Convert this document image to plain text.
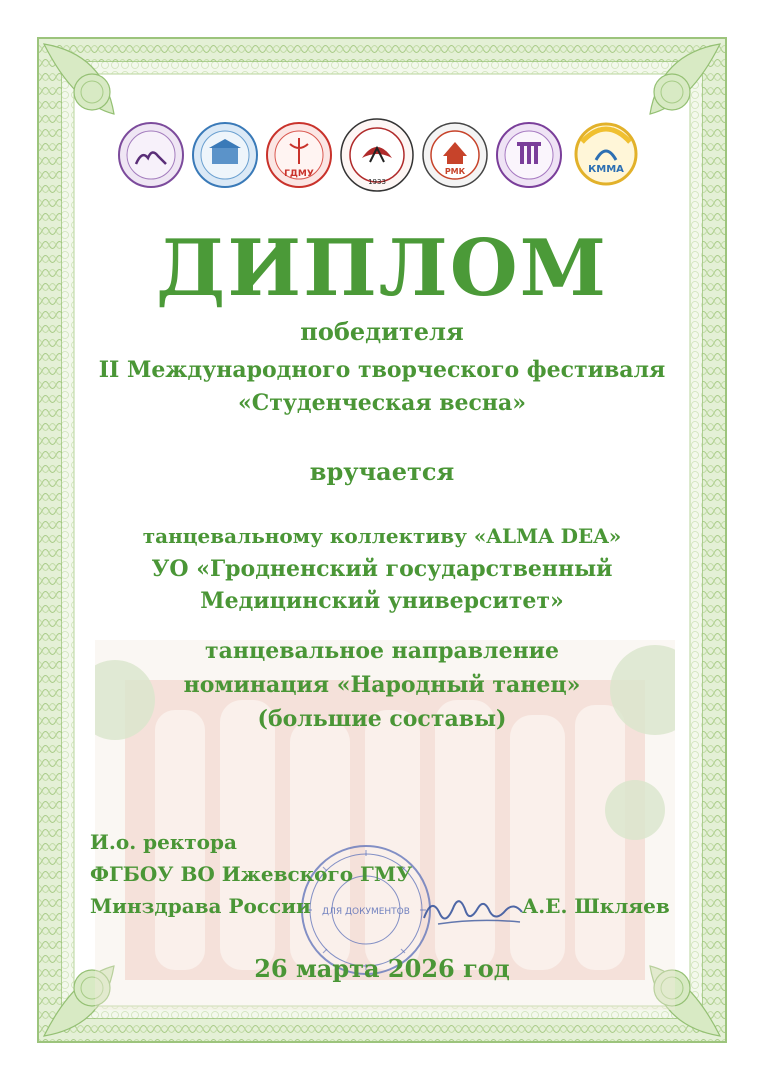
ГДМУ
1933
РМК	КММА
ДИПЛОМ
победителя
II Международного творческого фестиваля
«Студенческая весна»
вручается
танцевальному коллективу «ALMA DEA»
УО «Гродненский государственный
Медицинский университет»
танцевальное направление
номинация «Народный танец»
(большие составы)
ДЛЯ ДОКУМЕНТОВ
И.о. ректора
ФГБОУ ВО Ижевского ГМУ
Минздрава России	А.Е. Шкляев
26 марта 2026 год
